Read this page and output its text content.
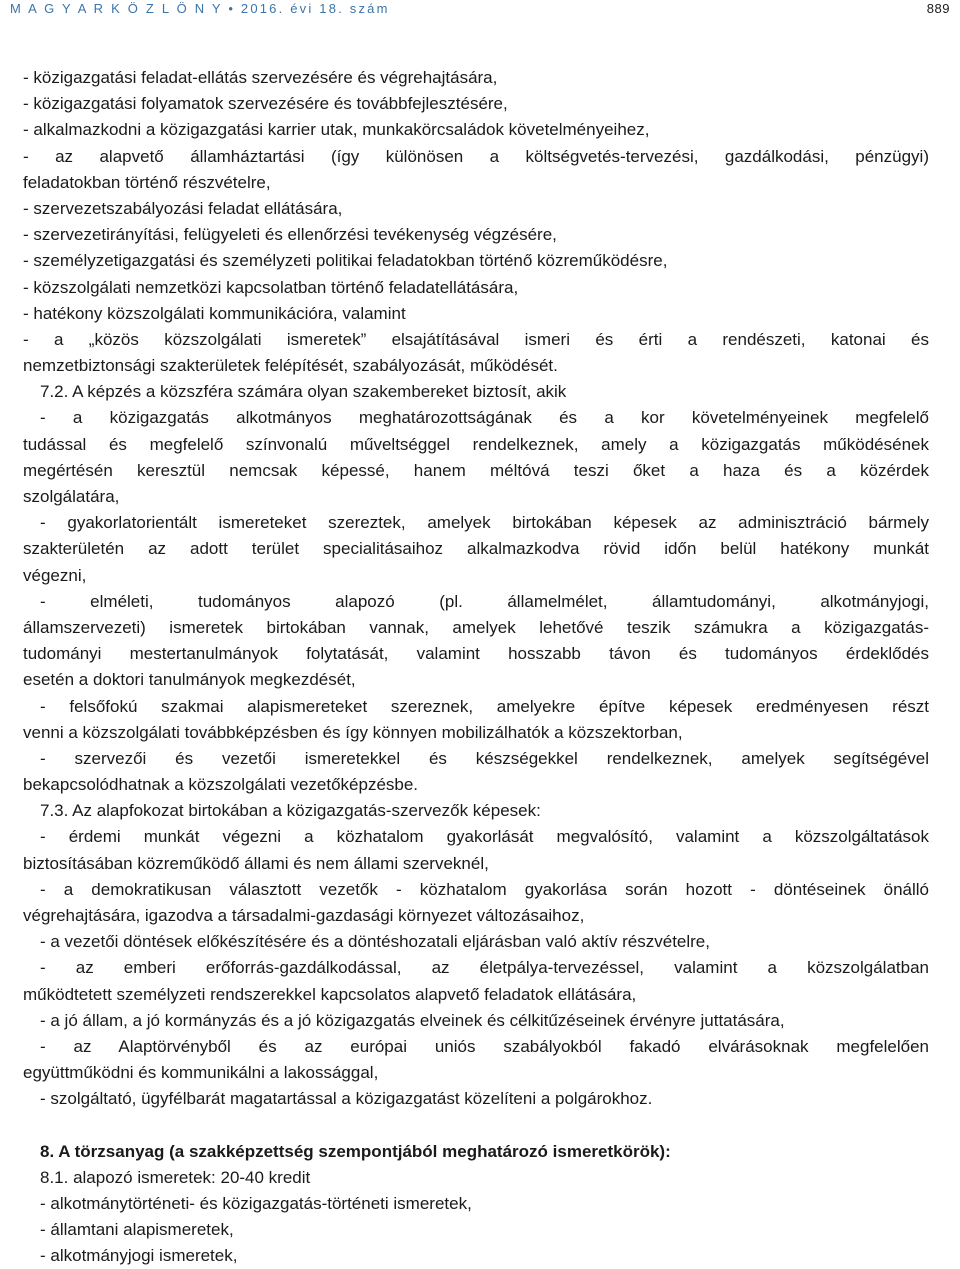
M A G Y A R K Ö Z L Ö N Y • 2016. évi 18. szám	889
- közigazgatási feladat-ellátás szervezésére és végrehajtására,
- közigazgatási folyamatok szervezésére és továbbfejlesztésére,
- alkalmazkodni a közigazgatási karrier utak, munkakörcsaládok követelményeihez,
- az alapvető államháztartási (így különösen a költségvetés-tervezési, gazdálkodási, pénzügyi)
feladatokban történő részvételre,
- szervezetszabályozási feladat ellátására,
- szervezetirányítási, felügyeleti és ellenőrzési tevékenység végzésére,
- személyzetigazgatási és személyzeti politikai feladatokban történő közreműködésre,
- közszolgálati nemzetközi kapcsolatban történő feladatellátására,
- hatékony közszolgálati kommunikációra, valamint
- a „közös közszolgálati ismeretek” elsajátításával ismeri és érti a rendészeti, katonai és
nemzetbiztonsági szakterületek felépítését, szabályozását, működését.
7.2. A képzés a közszféra számára olyan szakembereket biztosít, akik
- a közigazgatás alkotmányos meghatározottságának és a kor követelményeinek megfelelő
tudással és megfelelő színvonalú műveltséggel rendelkeznek, amely a közigazgatás működésének
megértésén keresztül nemcsak képessé, hanem méltóvá teszi őket a haza és a közérdek
szolgálatára,
- gyakorlatorientált ismereteket szereztek, amelyek birtokában képesek az adminisztráció bármely
szakterületén az adott terület specialitásaihoz alkalmazkodva rövid időn belül hatékony munkát
végezni,
- elméleti, tudományos alapozó (pl. államelmélet, államtudományi, alkotmányjogi,
államszervezeti) ismeretek birtokában vannak, amelyek lehetővé teszik számukra a közigazgatás-
tudományi mestertanulmányok folytatását, valamint hosszabb távon és tudományos érdeklődés
esetén a doktori tanulmányok megkezdését,
- felsőfokú szakmai alapismereteket szereznek, amelyekre építve képesek eredményesen részt
venni a közszolgálati továbbképzésben és így könnyen mobilizálhatók a közszektorban,
- szervezői és vezetői ismeretekkel és készségekkel rendelkeznek, amelyek segítségével
bekapcsolódhatnak a közszolgálati vezetőképzésbe.
7.3. Az alapfokozat birtokában a közigazgatás-szervezők képesek:
- érdemi munkát végezni a közhatalom gyakorlását megvalósító, valamint a közszolgáltatások
biztosításában közreműködő állami és nem állami szerveknél,
- a demokratikusan választott vezetők - közhatalom gyakorlása során hozott - döntéseinek önálló
végrehajtására, igazodva a társadalmi-gazdasági környezet változásaihoz,
- a vezetői döntések előkészítésére és a döntéshozatali eljárásban való aktív részvételre,
- az emberi erőforrás-gazdálkodással, az életpálya-tervezéssel, valamint a közszolgálatban
működtetett személyzeti rendszerekkel kapcsolatos alapvető feladatok ellátására,
- a jó állam, a jó kormányzás és a jó közigazgatás elveinek és célkitűzéseinek érvényre juttatására,
- az Alaptörvényből és az európai uniós szabályokból fakadó elvárásoknak megfelelően
együttműködni és kommunikálni a lakossággal,
- szolgáltató, ügyfélbarát magatartással a közigazgatást közelíteni a polgárokhoz.
8. A törzsanyag (a szakképzettség szempontjából meghatározó ismeretkörök):
8.1. alapozó ismeretek: 20-40 kredit
- alkotmánytörténeti- és közigazgatás-történeti ismeretek,
- államtani alapismeretek,
- alkotmányjogi ismeretek,
